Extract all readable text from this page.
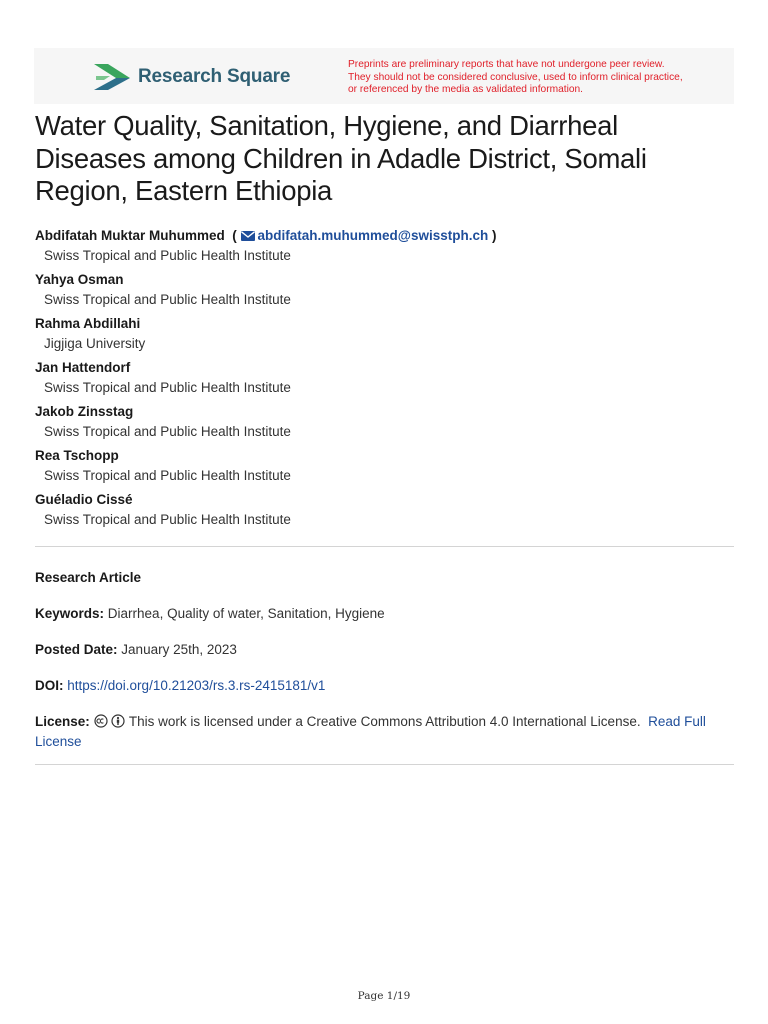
Research Square
Preprints are preliminary reports that have not undergone peer review.
They should not be considered conclusive, used to inform clinical practice,
or referenced by the media as validated information.
Water Quality, Sanitation, Hygiene, and Diarrheal Diseases among Children in Adadle District, Somali Region, Eastern Ethiopia
Abdifatah Muktar Muhummed  ( abdifatah.muhummed@swisstph.ch )
Swiss Tropical and Public Health Institute
Yahya Osman
Swiss Tropical and Public Health Institute
Rahma Abdillahi
Jigjiga University
Jan Hattendorf
Swiss Tropical and Public Health Institute
Jakob Zinsstag
Swiss Tropical and Public Health Institute
Rea Tschopp
Swiss Tropical and Public Health Institute
Guéladio Cissé
Swiss Tropical and Public Health Institute
Research Article
Keywords: Diarrhea, Quality of water, Sanitation, Hygiene
Posted Date: January 25th, 2023
DOI: https://doi.org/10.21203/rs.3.rs-2415181/v1
License:	This work is licensed under a Creative Commons Attribution 4.0 International License. Read Full
License
Page 1/19
